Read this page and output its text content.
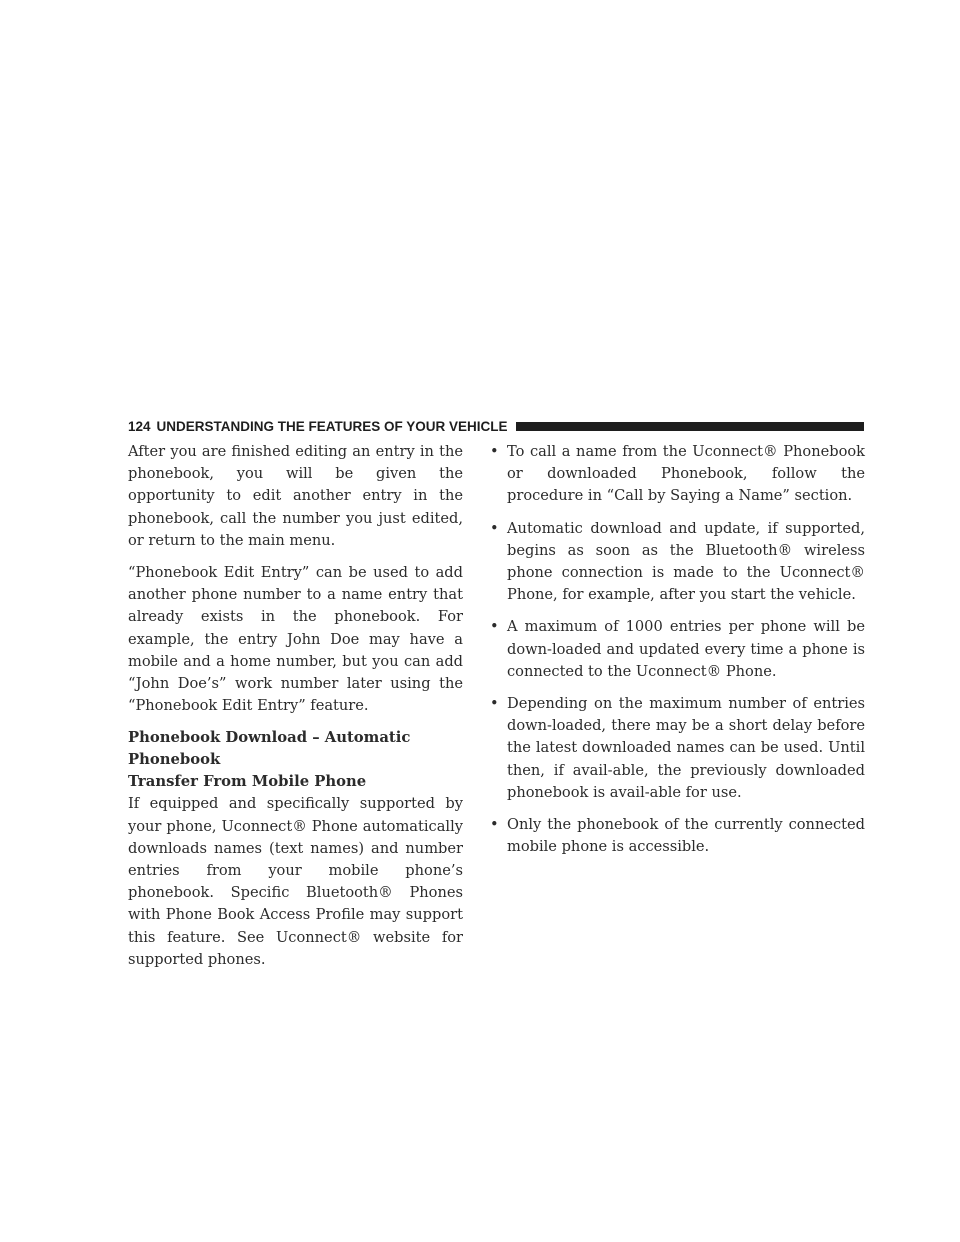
124 UNDERSTANDING THE FEATURES OF YOUR VEHICLE

After you are finished editing an entry in the phonebook, you will be given the opportunity to edit another entry in the phonebook, call the number you just edited, or return to the main menu.

“Phonebook Edit Entry” can be used to add another phone number to a name entry that already exists in the phonebook. For example, the entry John Doe may have a mobile and a home number, but you can add “John Doe’s” work number later using the “Phonebook Edit Entry” feature.

Phonebook Download – Automatic Phonebook
Transfer From Mobile Phone

If equipped and specifically supported by your phone, Uconnect® Phone automatically downloads names (text names) and number entries from your mobile phone’s phonebook. Specific Bluetooth® Phones with Phone Book Access Profile may support this feature. See Uconnect® website for supported phones.

• To call a name from the Uconnect® Phonebook or downloaded Phonebook, follow the procedure in “Call by Saying a Name” section.
• Automatic download and update, if supported, begins as soon as the Bluetooth® wireless phone connection is made to the Uconnect® Phone, for example, after you start the vehicle.
• A maximum of 1000 entries per phone will be down-loaded and updated every time a phone is connected to the Uconnect® Phone.
• Depending on the maximum number of entries down-loaded, there may be a short delay before the latest downloaded names can be used. Until then, if avail-able, the previously downloaded phonebook is avail-able for use.
• Only the phonebook of the currently connected mobile phone is accessible.
